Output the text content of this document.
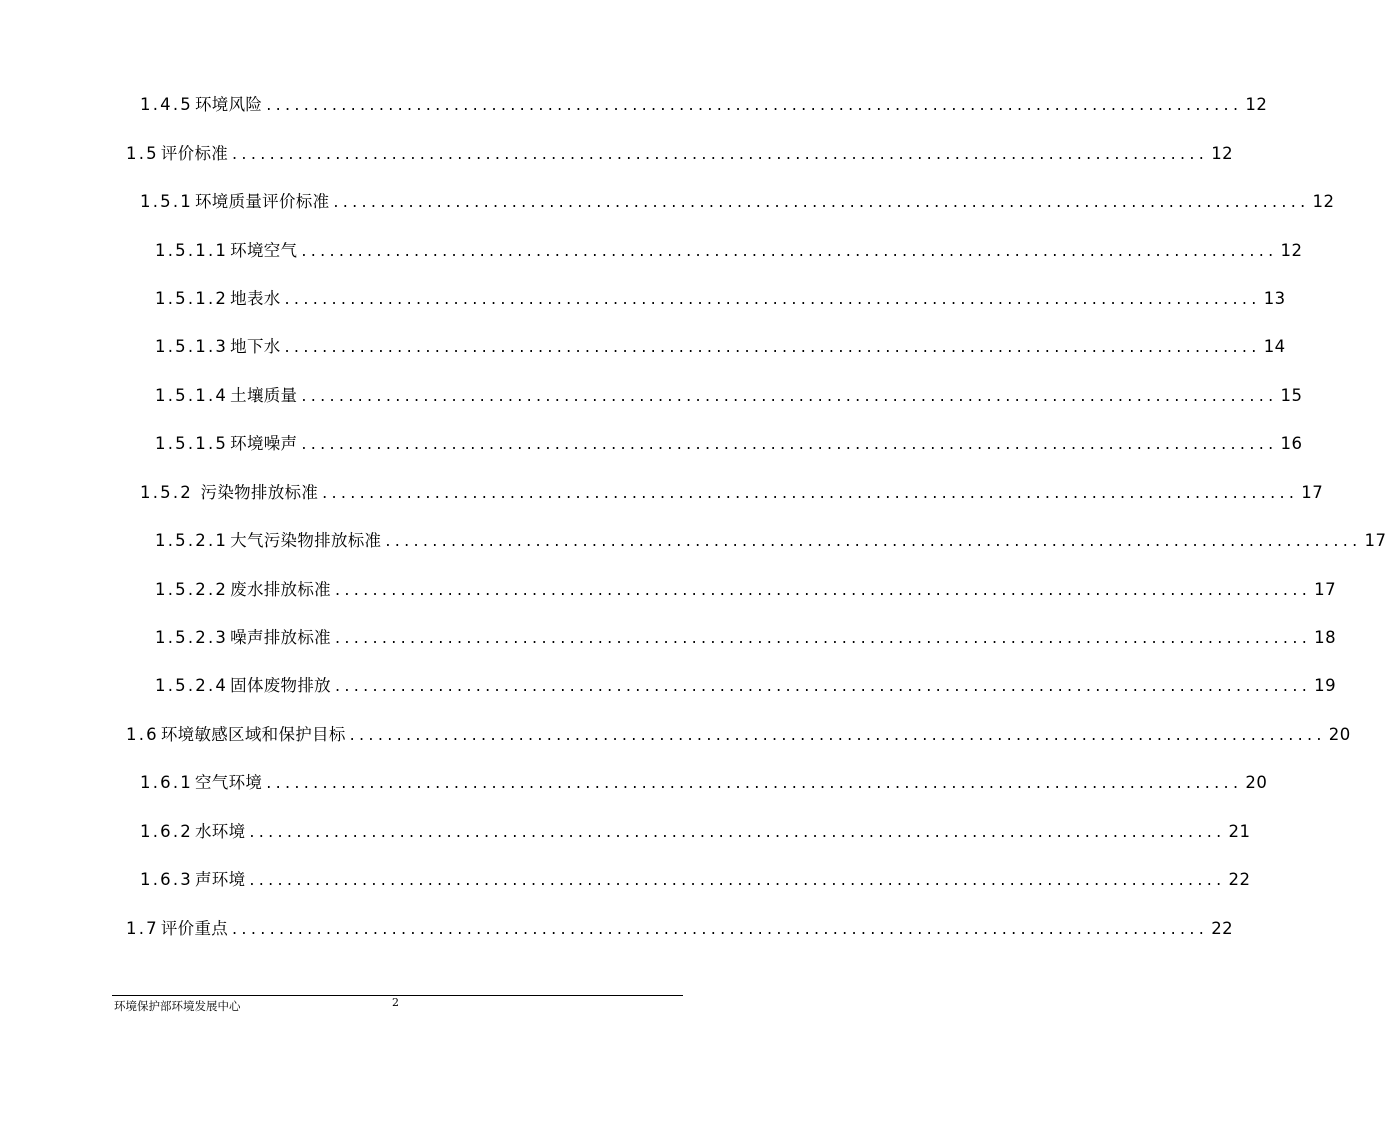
1.4.5 环境风险 ........................................................................................................ 12
1.5 评价标准 ........................................................................................................ 12
1.5.1 环境质量评价标准 ........................................................................................................ 12
1.5.1.1 环境空气 ........................................................................................................ 12
1.5.1.2 地表水 ........................................................................................................ 13
1.5.1.3 地下水 ........................................................................................................ 14
1.5.1.4 土壤质量 ........................................................................................................ 15
1.5.1.5 环境噪声 ........................................................................................................ 16
1.5.2 污染物排放标准 ........................................................................................................ 17
1.5.2.1 大气污染物排放标准 ........................................................................................................ 17
1.5.2.2 废水排放标准 ........................................................................................................ 17
1.5.2.3 噪声排放标准 ........................................................................................................ 18
1.5.2.4 固体废物排放 ........................................................................................................ 19
1.6 环境敏感区域和保护目标 ........................................................................................................ 20
1.6.1 空气环境 ........................................................................................................ 20
1.6.2 水环境 ........................................................................................................ 21
1.6.3 声环境 ........................................................................................................ 22
1.7 评价重点 ........................................................................................................ 22
环境保护部环境发展中心	2
